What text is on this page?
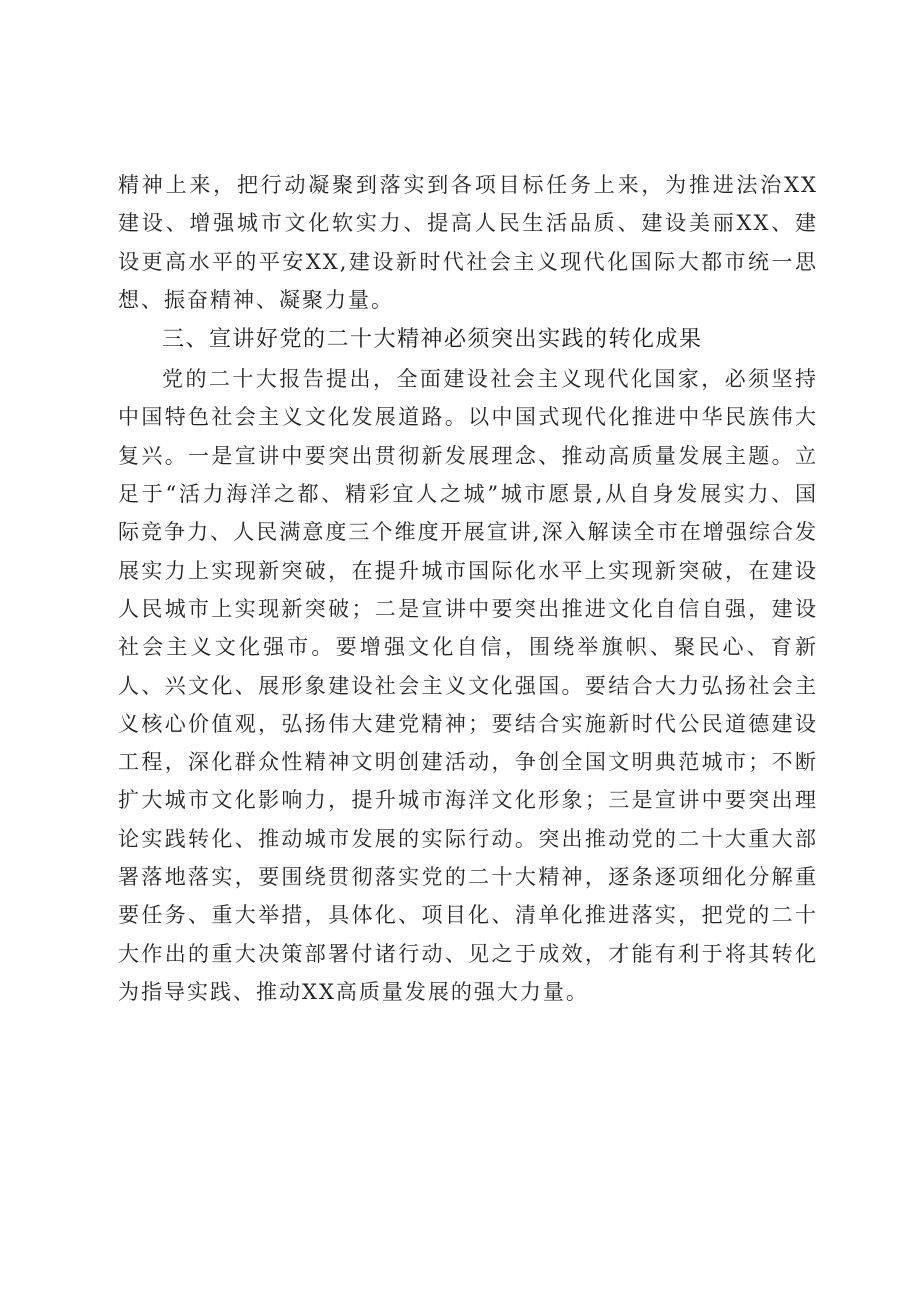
精神上来，把行动凝聚到落实到各项目标任务上来，为推进法治XX建设、增强城市文化软实力、提高人民生活品质、建设美丽XX、建设更高水平的平安XX,建设新时代社会主义现代化国际大都市统一思想、振奋精神、凝聚力量。

三、宣讲好党的二十大精神必须突出实践的转化成果

党的二十大报告提出，全面建设社会主义现代化国家，必须坚持中国特色社会主义文化发展道路。以中国式现代化推进中华民族伟大复兴。一是宣讲中要突出贯彻新发展理念、推动高质量发展主题。立足于“活力海洋之都、精彩宜人之城”城市愿景,从自身发展实力、国际竞争力、人民满意度三个维度开展宣讲,深入解读全市在增强综合发展实力上实现新突破，在提升城市国际化水平上实现新突破，在建设人民城市上实现新突破；二是宣讲中要突出推进文化自信自强，建设社会主义文化强市。要增强文化自信，围绕举旗帜、聚民心、育新人、兴文化、展形象建设社会主义文化强国。要结合大力弘扬社会主义核心价值观，弘扬伟大建党精神；要结合实施新时代公民道德建设工程，深化群众性精神文明创建活动，争创全国文明典范城市；不断扩大城市文化影响力，提升城市海洋文化形象；三是宣讲中要突出理论实践转化、推动城市发展的实际行动。突出推动党的二十大重大部署落地落实，要围绕贯彻落实党的二十大精神，逐条逐项细化分解重要任务、重大举措，具体化、项目化、清单化推进落实，把党的二十大作出的重大决策部署付诸行动、见之于成效，才能有利于将其转化为指导实践、推动XX高质量发展的强大力量。
